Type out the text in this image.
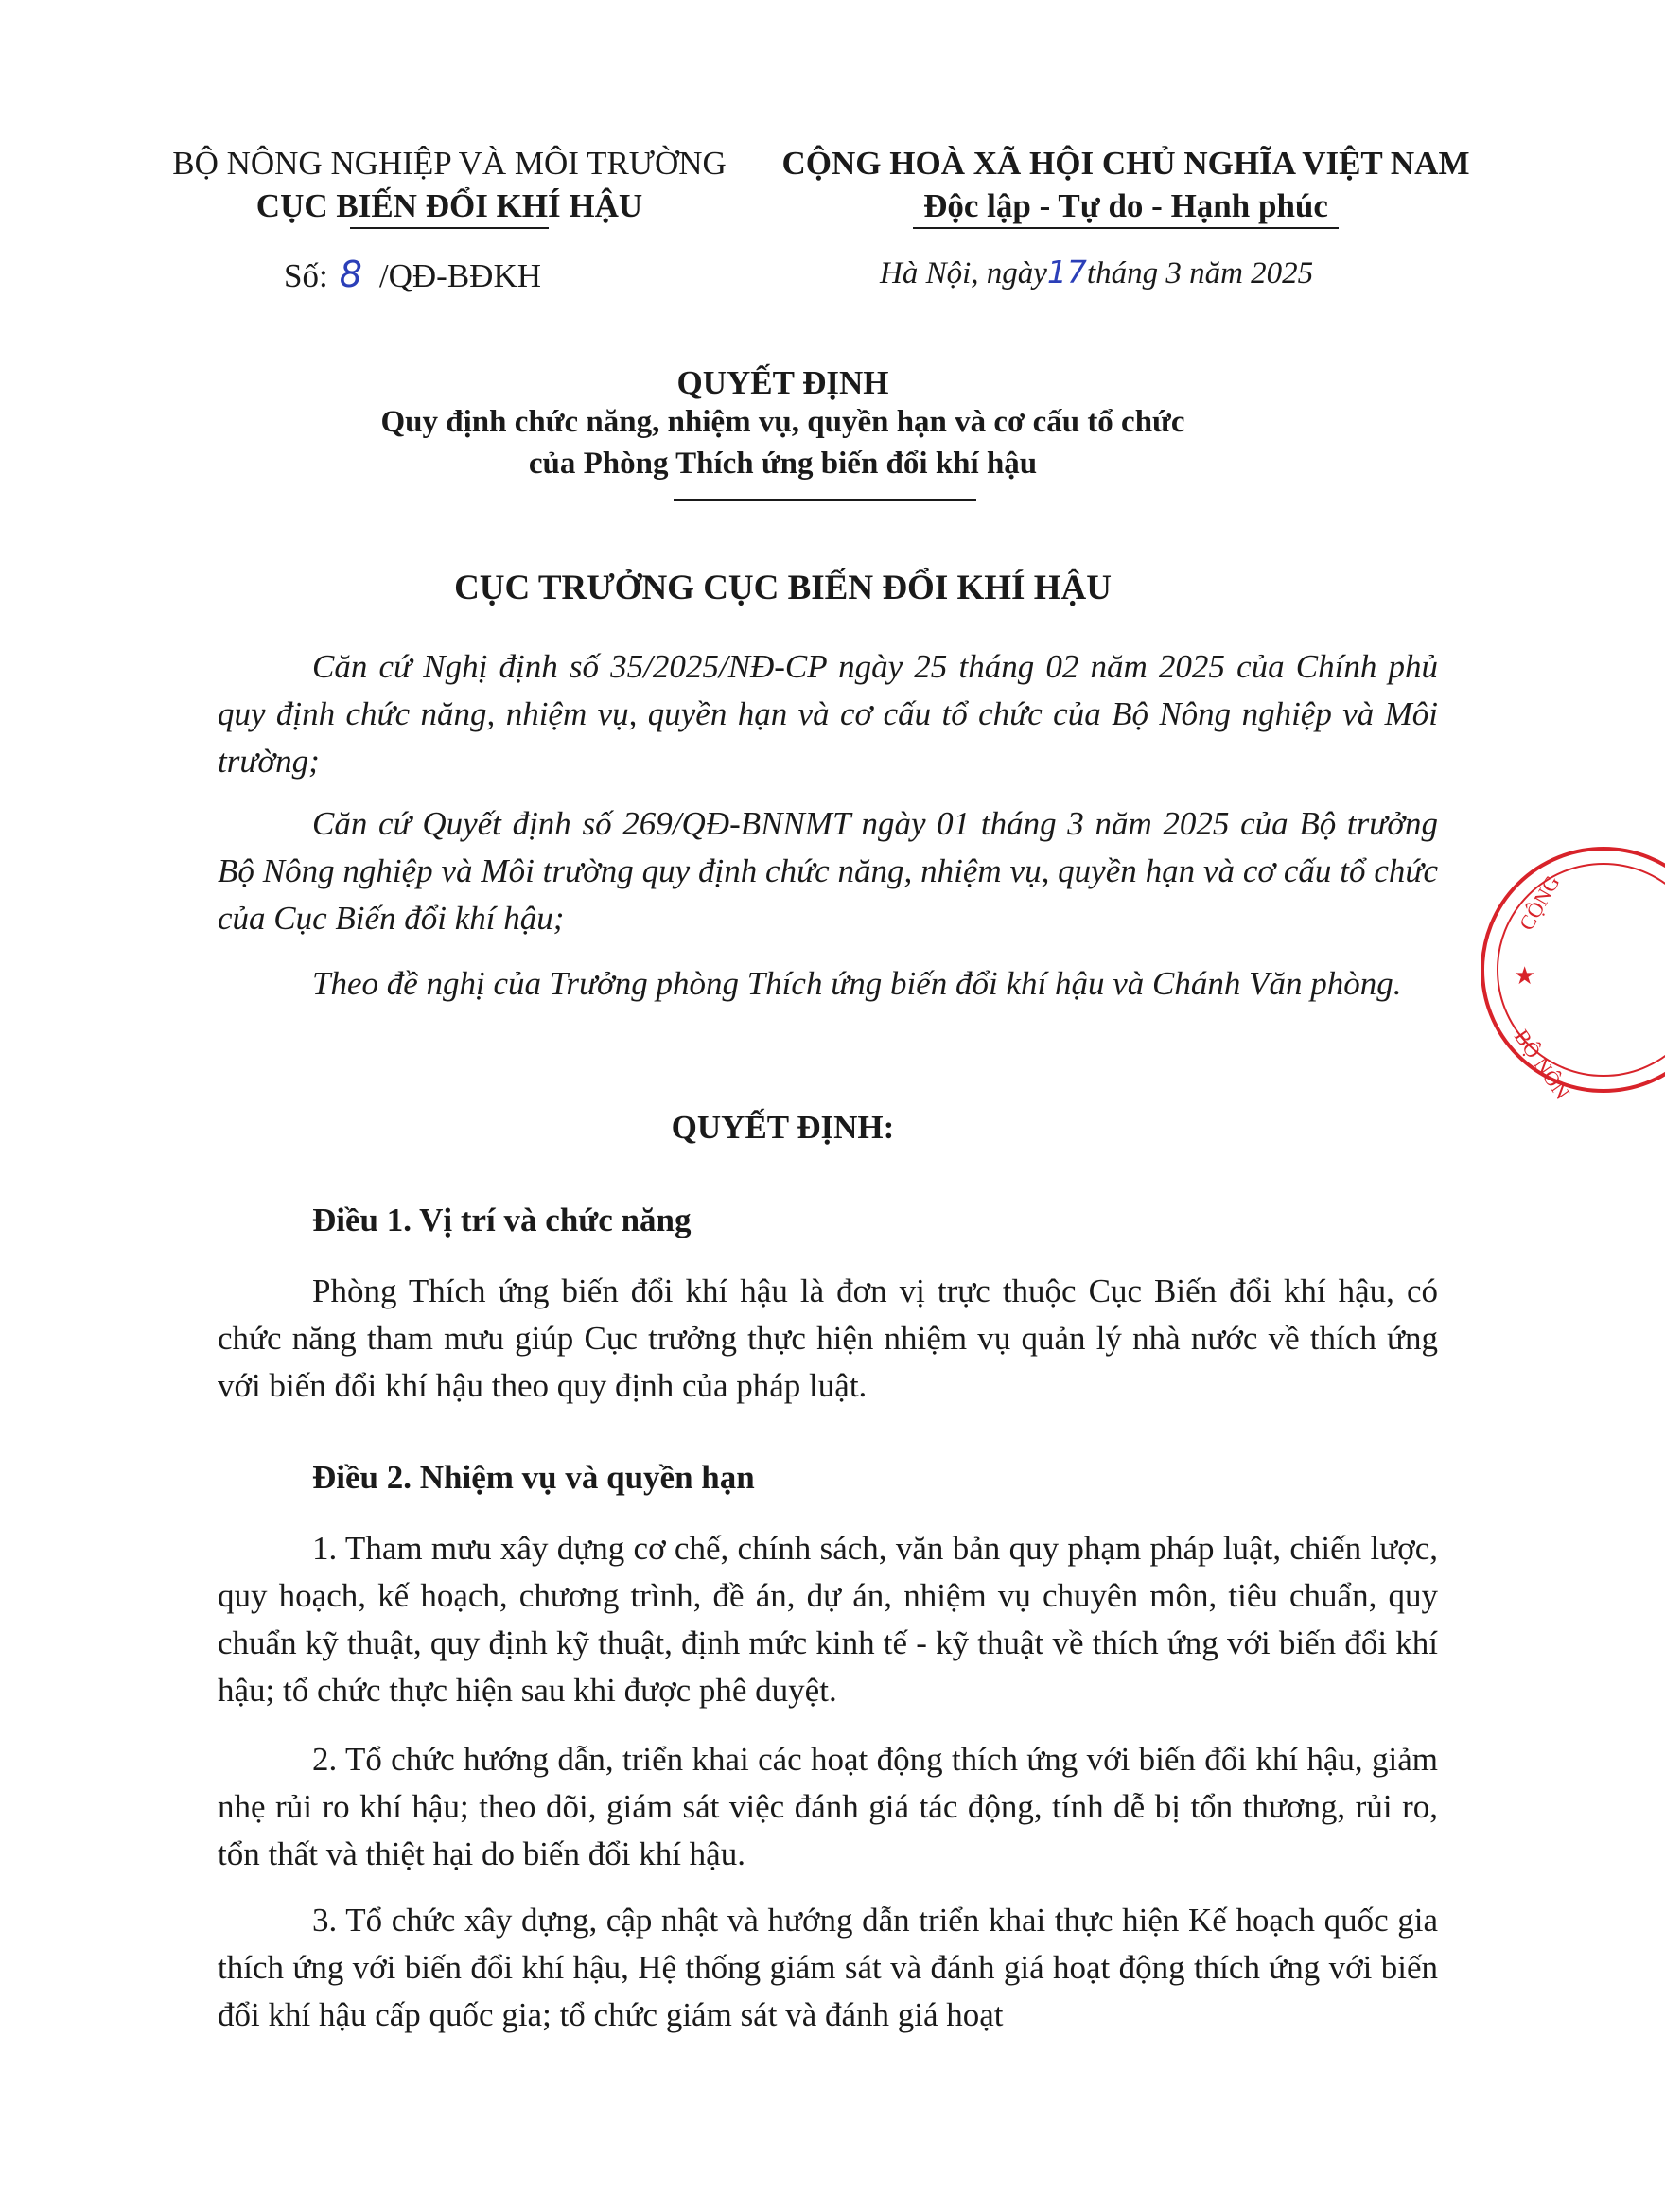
BỘ NÔNG NGHIỆP VÀ MÔI TRƯỜNG
CỤC BIẾN ĐỔI KHÍ HẬU
CỘNG HOÀ XÃ HỘI CHỦ NGHĨA VIỆT NAM
Độc lập - Tự do - Hạnh phúc
Số: 8 /QĐ-BĐKH	Hà Nội, ngày17tháng 3 năm 2025
QUYẾT ĐỊNH
Quy định chức năng, nhiệm vụ, quyền hạn và cơ cấu tổ chức
của Phòng Thích ứng biến đổi khí hậu
CỤC TRƯỞNG CỤC BIẾN ĐỔI KHÍ HẬU
Căn cứ Nghị định số 35/2025/NĐ-CP ngày 25 tháng 02 năm 2025 của Chính phủ quy định chức năng, nhiệm vụ, quyền hạn và cơ cấu tổ chức của Bộ Nông nghiệp và Môi trường;
Căn cứ Quyết định số 269/QĐ-BNNMT ngày 01 tháng 3 năm 2025 của Bộ trưởng Bộ Nông nghiệp và Môi trường quy định chức năng, nhiệm vụ, quyền hạn và cơ cấu tổ chức của Cục Biến đổi khí hậu;
Theo đề nghị của Trưởng phòng Thích ứng biến đổi khí hậu và Chánh Văn phòng.
QUYẾT ĐỊNH:
Điều 1. Vị trí và chức năng
Phòng Thích ứng biến đổi khí hậu là đơn vị trực thuộc Cục Biến đổi khí hậu, có chức năng tham mưu giúp Cục trưởng thực hiện nhiệm vụ quản lý nhà nước về thích ứng với biến đổi khí hậu theo quy định của pháp luật.
Điều 2. Nhiệm vụ và quyền hạn
1. Tham mưu xây dựng cơ chế, chính sách, văn bản quy phạm pháp luật, chiến lược, quy hoạch, kế hoạch, chương trình, đề án, dự án, nhiệm vụ chuyên môn, tiêu chuẩn, quy chuẩn kỹ thuật, quy định kỹ thuật, định mức kinh tế - kỹ thuật về thích ứng với biến đổi khí hậu; tổ chức thực hiện sau khi được phê duyệt.
2. Tổ chức hướng dẫn, triển khai các hoạt động thích ứng với biến đổi khí hậu, giảm nhẹ rủi ro khí hậu; theo dõi, giám sát việc đánh giá tác động, tính dễ bị tổn thương, rủi ro, tổn thất và thiệt hại do biến đổi khí hậu.
3. Tổ chức xây dựng, cập nhật và hướng dẫn triển khai thực hiện Kế hoạch quốc gia thích ứng với biến đổi khí hậu, Hệ thống giám sát và đánh giá hoạt động thích ứng với biến đổi khí hậu cấp quốc gia; tổ chức giám sát và đánh giá hoạt
★
CỘNG
BỘ NÔN
